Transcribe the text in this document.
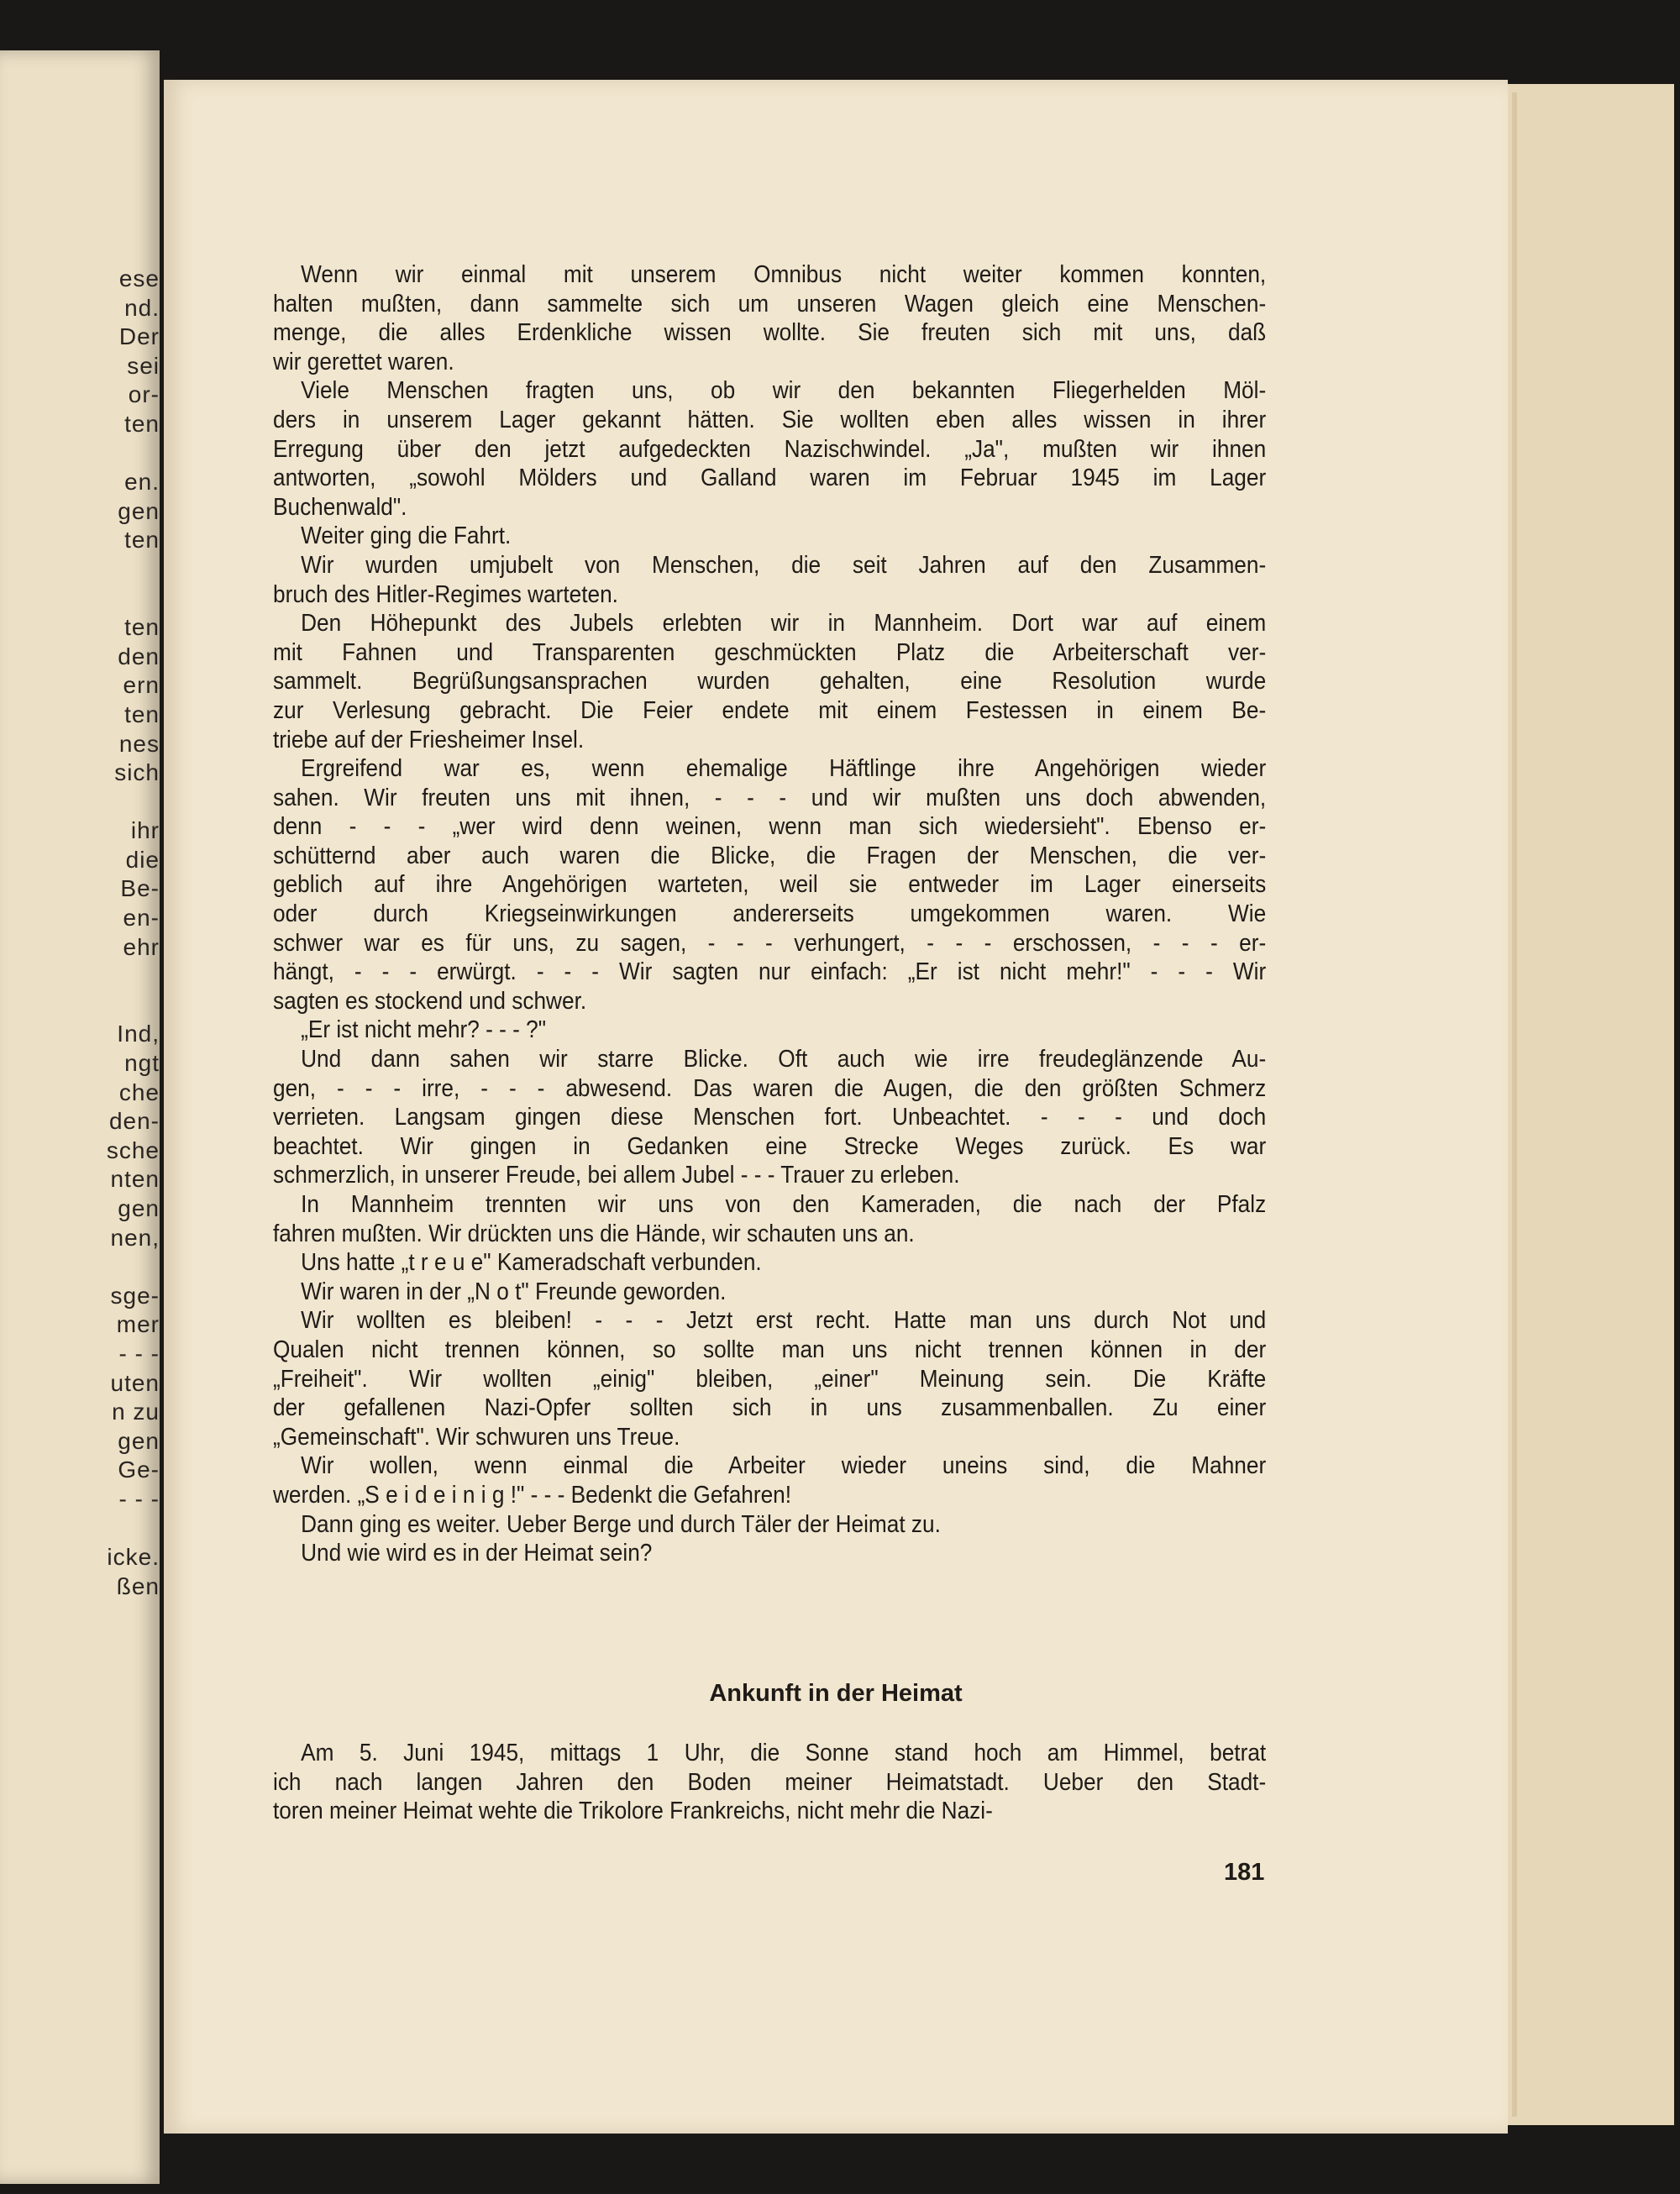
ese
nd.
Der
sei
or-
ten
en.
gen
ten
ten
den
ern
ten
nes
sich
ihr
die
Be-
en-
ehr
Ind,
ngt
che
den-
sche
nten
gen
nen,
sge-
mer
- - -
uten
n zu
gen
Ge-
- - -
icke.
ßen
Wenn wir einmal mit unserem Omnibus nicht weiter kommen konnten,
halten mußten, dann sammelte sich um unseren Wagen gleich eine Menschen-
menge, die alles Erdenkliche wissen wollte. Sie freuten sich mit uns, daß
wir gerettet waren.
Viele Menschen fragten uns, ob wir den bekannten Fliegerhelden Möl-
ders in unserem Lager gekannt hätten. Sie wollten eben alles wissen in ihrer
Erregung über den jetzt aufgedeckten Nazischwindel. „Ja", mußten wir ihnen
antworten, „sowohl Mölders und Galland waren im Februar 1945 im Lager
Buchenwald".
Weiter ging die Fahrt.
Wir wurden umjubelt von Menschen, die seit Jahren auf den Zusammen-
bruch des Hitler-Regimes warteten.
Den Höhepunkt des Jubels erlebten wir in Mannheim. Dort war auf einem
mit Fahnen und Transparenten geschmückten Platz die Arbeiterschaft ver-
sammelt. Begrüßungsansprachen wurden gehalten, eine Resolution wurde
zur Verlesung gebracht. Die Feier endete mit einem Festessen in einem Be-
triebe auf der Friesheimer Insel.
Ergreifend war es, wenn ehemalige Häftlinge ihre Angehörigen wieder
sahen. Wir freuten uns mit ihnen, - - - und wir mußten uns doch abwenden,
denn - - - „wer wird denn weinen, wenn man sich wiedersieht". Ebenso er-
schütternd aber auch waren die Blicke, die Fragen der Menschen, die ver-
geblich auf ihre Angehörigen warteten, weil sie entweder im Lager einerseits
oder durch Kriegseinwirkungen andererseits umgekommen waren. Wie
schwer war es für uns, zu sagen, - - - verhungert, - - - erschossen, - - - er-
hängt, - - - erwürgt. - - - Wir sagten nur einfach: „Er ist nicht mehr!" - - - Wir
sagten es stockend und schwer.
„Er ist nicht mehr? - - - ?"
Und dann sahen wir starre Blicke. Oft auch wie irre freudeglänzende Au-
gen, - - - irre, - - - abwesend. Das waren die Augen, die den größten Schmerz
verrieten. Langsam gingen diese Menschen fort. Unbeachtet. - - - und doch
beachtet. Wir gingen in Gedanken eine Strecke Weges zurück. Es war
schmerzlich, in unserer Freude, bei allem Jubel - - - Trauer zu erleben.
In Mannheim trennten wir uns von den Kameraden, die nach der Pfalz
fahren mußten. Wir drückten uns die Hände, wir schauten uns an.
Uns hatte „t r e u e" Kameradschaft verbunden.
Wir waren in der „N o t" Freunde geworden.
Wir wollten es bleiben! - - - Jetzt erst recht. Hatte man uns durch Not und
Qualen nicht trennen können, so sollte man uns nicht trennen können in der
„Freiheit". Wir wollten „einig" bleiben, „einer" Meinung sein. Die Kräfte
der gefallenen Nazi-Opfer sollten sich in uns zusammenballen. Zu einer
„Gemeinschaft". Wir schwuren uns Treue.
Wir wollen, wenn einmal die Arbeiter wieder uneins sind, die Mahner
werden. „S e i d e i n i g !" - - - Bedenkt die Gefahren!
Dann ging es weiter. Ueber Berge und durch Täler der Heimat zu.
Und wie wird es in der Heimat sein?
Ankunft in der Heimat
Am 5. Juni 1945, mittags 1 Uhr, die Sonne stand hoch am Himmel, betrat
ich nach langen Jahren den Boden meiner Heimatstadt. Ueber den Stadt-
toren meiner Heimat wehte die Trikolore Frankreichs, nicht mehr die Nazi-
181
